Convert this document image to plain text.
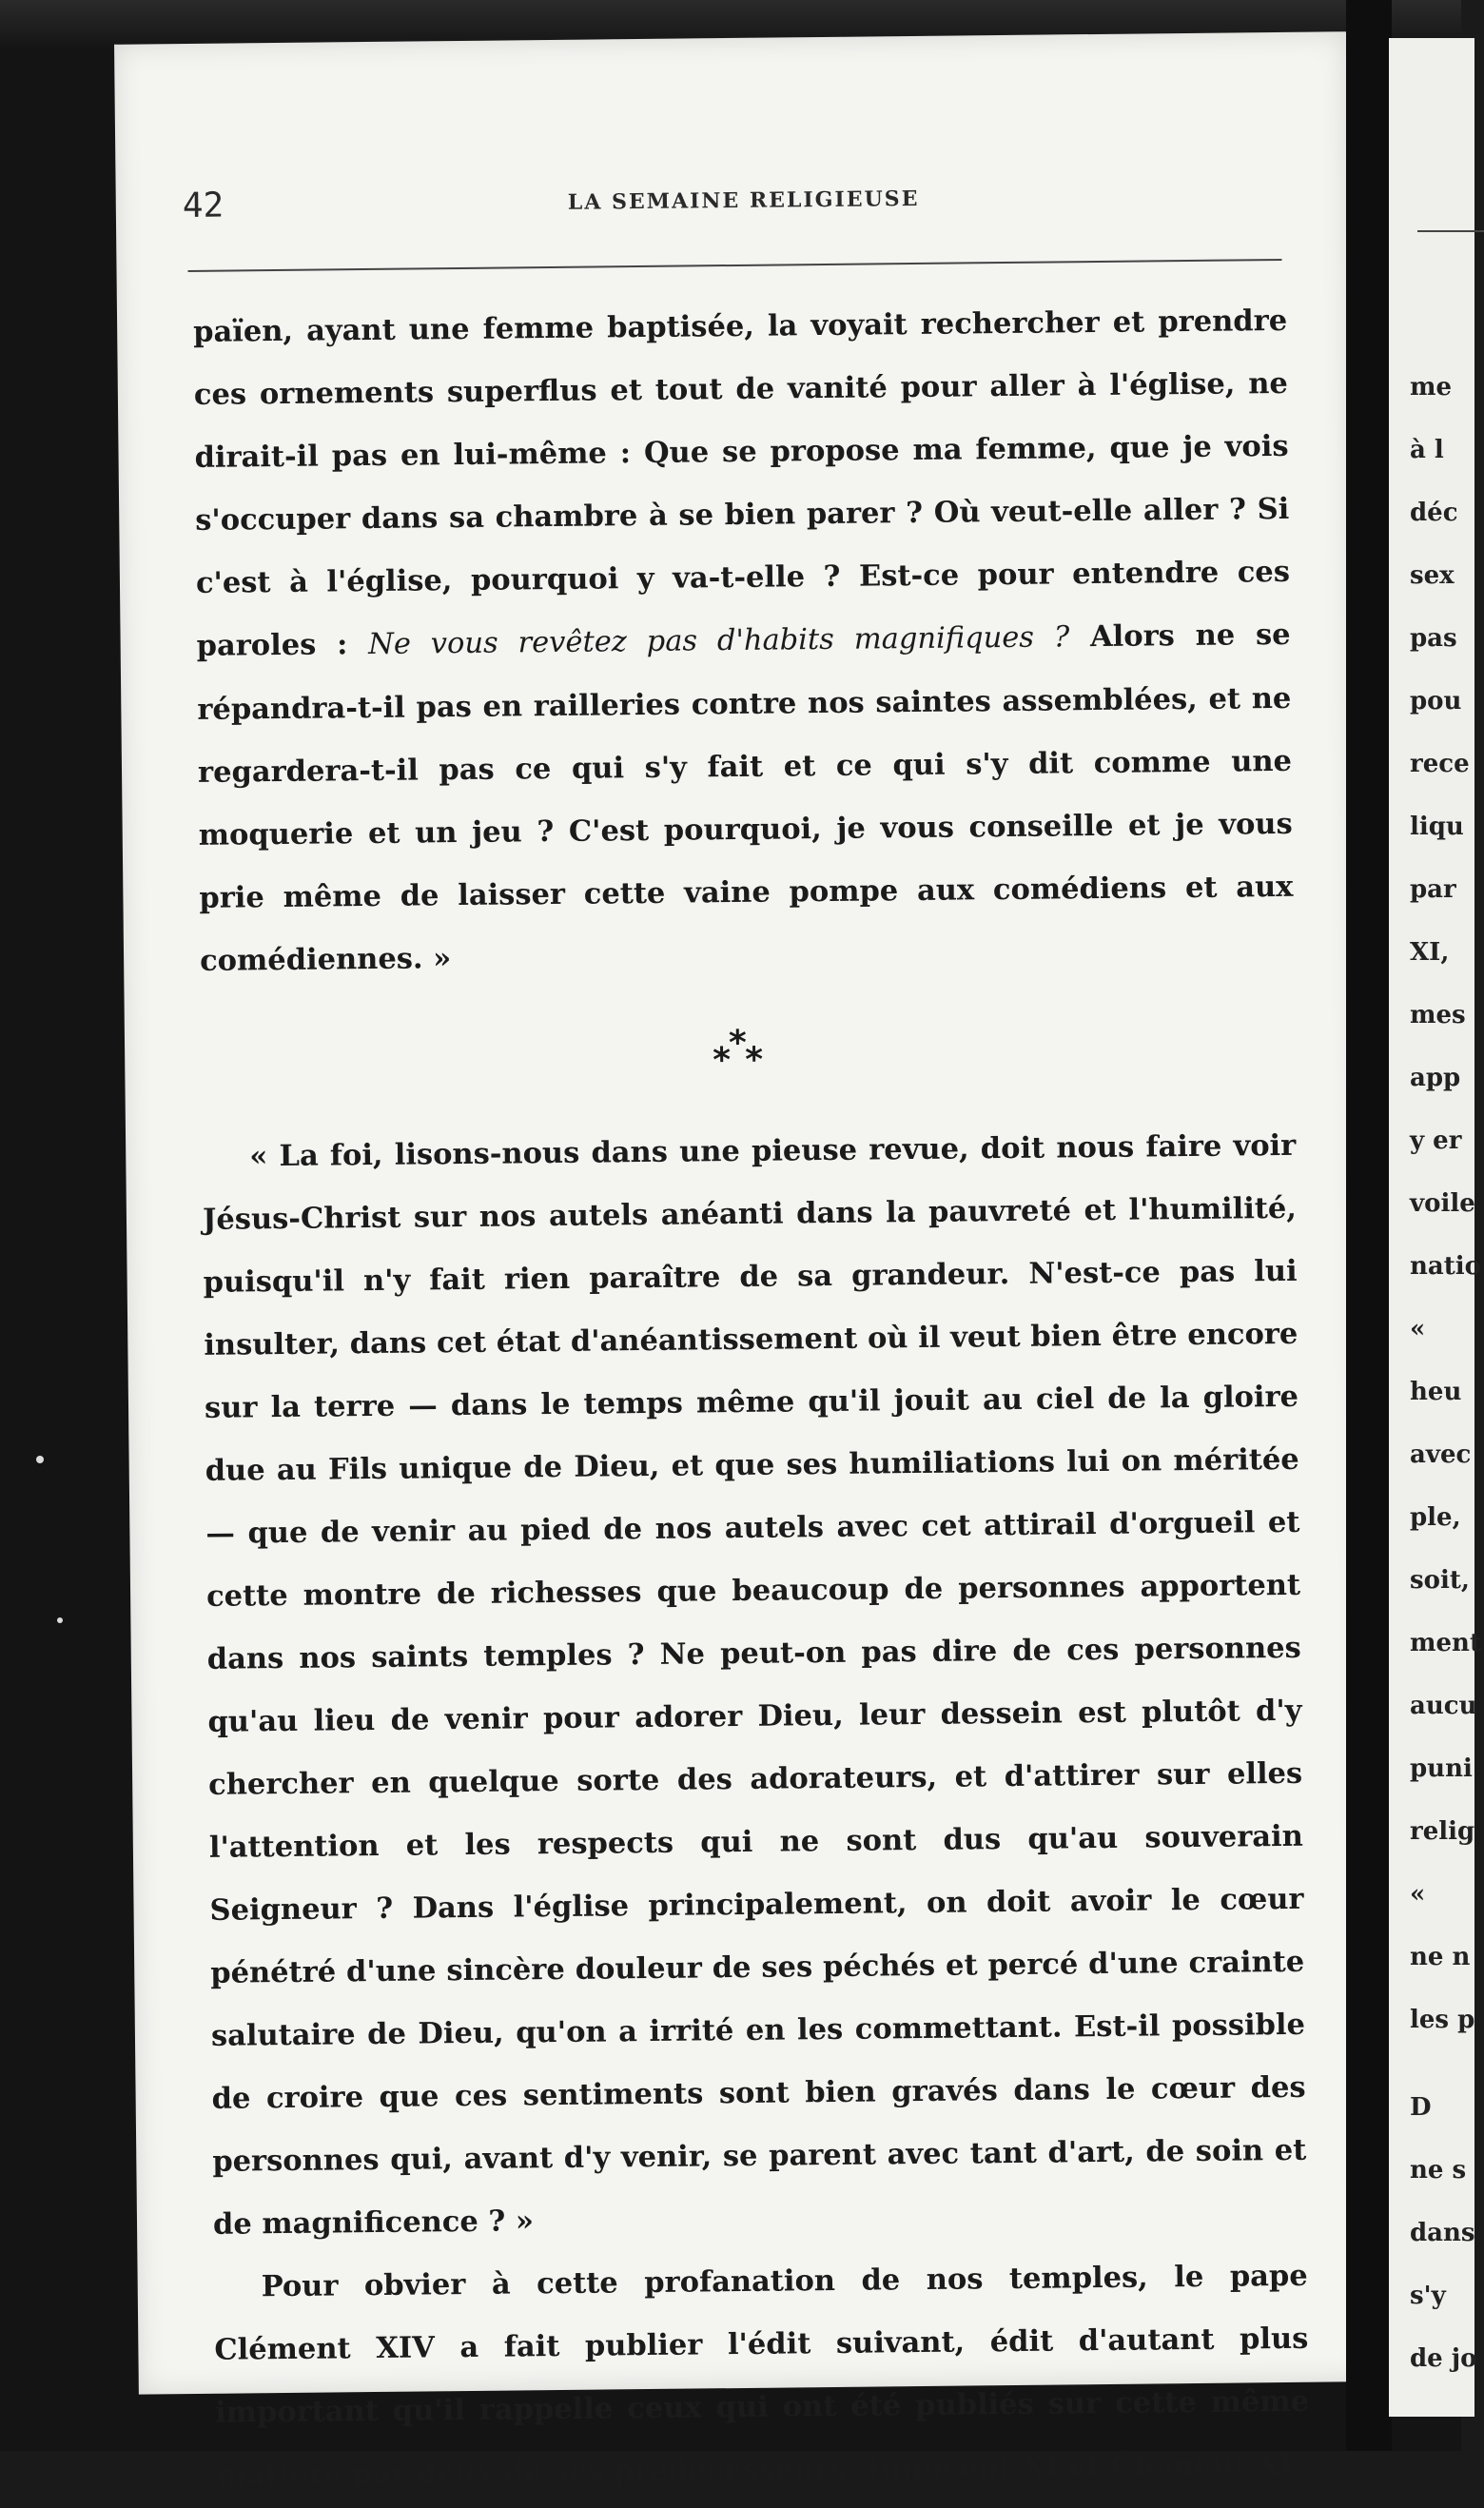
42	LA SEMAINE RELIGIEUSE

païen, ayant une femme baptisée, la voyait rechercher et prendre ces ornements superflus et tout de vanité pour aller à l'église, ne dirait-il pas en lui-même : Que se propose ma femme, que je vois s'occuper dans sa chambre à se bien parer ? Où veut-elle aller ? Si c'est à l'église, pourquoi y va-t-elle ? Est-ce pour entendre ces paroles : Ne vous revêtez pas d'habits magnifiques ? Alors ne se répandra-t-il pas en railleries contre nos saintes assemblées, et ne regardera-t-il pas ce qui s'y fait et ce qui s'y dit comme une moquerie et un jeu ? C'est pourquoi, je vous conseille et je vous prie même de laisser cette vaine pompe aux comédiens et aux comédiennes. »

*
* *

« La foi, lisons-nous dans une pieuse revue, doit nous faire voir Jésus-Christ sur nos autels anéanti dans la pauvreté et l'humilité, puisqu'il n'y fait rien paraître de sa grandeur. N'est-ce pas lui insulter, dans cet état d'anéantissement où il veut bien être encore sur la terre — dans le temps même qu'il jouit au ciel de la gloire due au Fils unique de Dieu, et que ses humiliations lui on méritée — que de venir au pied de nos autels avec cet attirail d'orgueil et cette montre de richesses que beaucoup de personnes apportent dans nos saints temples ? Ne peut-on pas dire de ces personnes qu'au lieu de venir pour adorer Dieu, leur dessein est plutôt d'y chercher en quelque sorte des adorateurs, et d'attirer sur elles l'attention et les respects qui ne sont dus qu'au souverain Seigneur ? Dans l'église principalement, on doit avoir le cœur pénétré d'une sincère douleur de ses péchés et percé d'une crainte salutaire de Dieu, qu'on a irrité en les commettant. Est-il possible de croire que ces sentiments sont bien gravés dans le cœur des personnes qui, avant d'y venir, se parent avec tant d'art, de soin et de magnificence ? »

Pour obvier à cette profanation de nos temples, le pape Clément XIV a fait publier l'édit suivant, édit d'autant plus important qu'il rappelle ceux qui ont été publiés sur cette même matière par deux de ses prédécesseurs, Innocent XI et Clément XI.

me
à l
déc
sex
pas
pou
rece
liqu
par
XI,
mes
app
y er
voile
natio
«
heu
avec
ple,
soit,
ment
aucu
puni
relig
«
ne n
les p
D
ne s
dans
s'y
de jo
